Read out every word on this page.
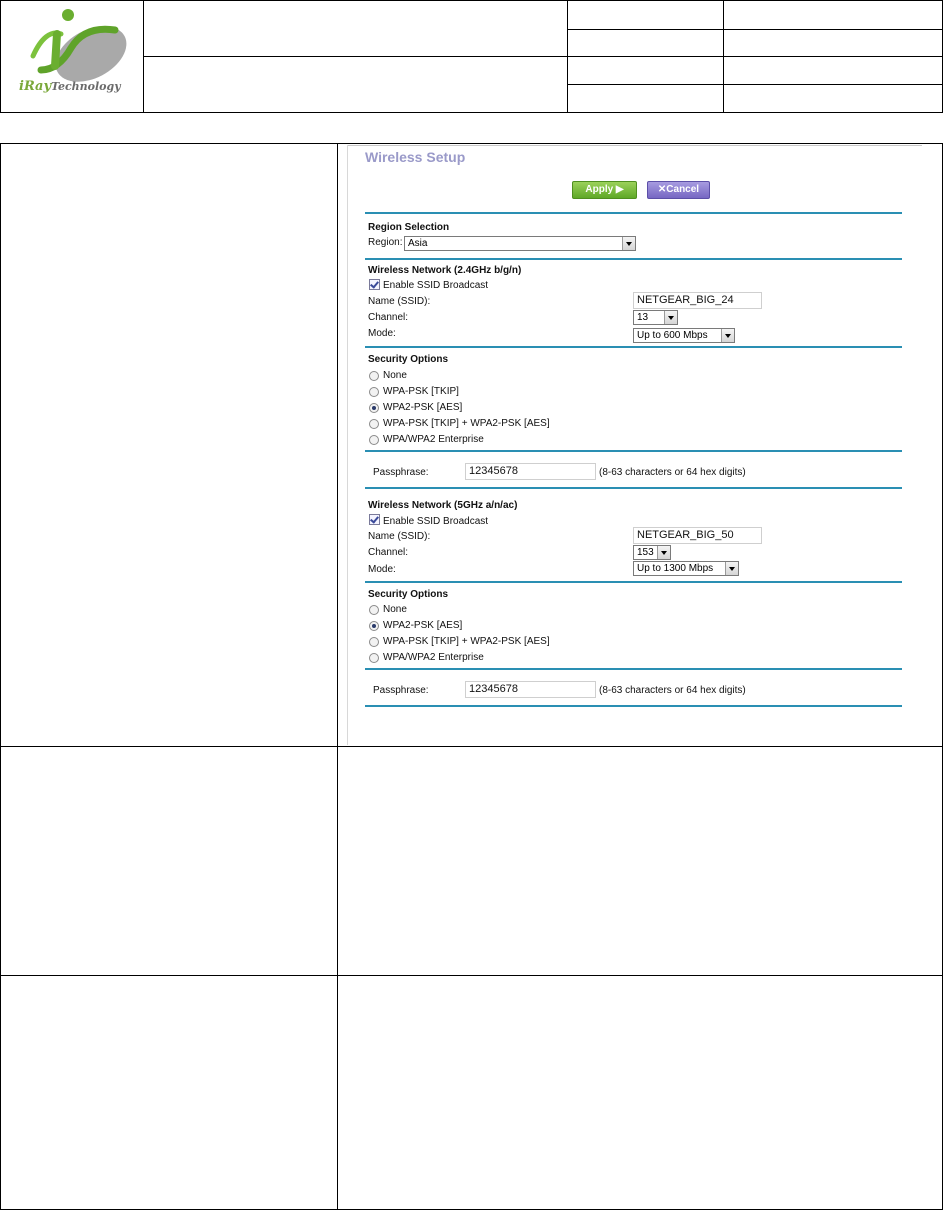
iRayTechnology			

Wireless Setup
Apply ▶	✕Cancel
Region Selection
Region: Asia
Wireless Network (2.4GHz b/g/n)
Enable SSID Broadcast
Name (SSID):	NETGEAR_BIG_24
Channel:	13
Mode:	Up to 600 Mbps
Security Options
None
WPA-PSK [TKIP]
WPA2-PSK [AES]
WPA-PSK [TKIP] + WPA2-PSK [AES]
WPA/WPA2 Enterprise
Passphrase:	12345678	(8-63 characters or 64 hex digits)
Wireless Network (5GHz a/n/ac)
Enable SSID Broadcast
Name (SSID):	NETGEAR_BIG_50
Channel:	153
Mode:	Up to 1300 Mbps
Security Options
None
WPA2-PSK [AES]
WPA-PSK [TKIP] + WPA2-PSK [AES]
WPA/WPA2 Enterprise
Passphrase:	12345678	(8-63 characters or 64 hex digits)
